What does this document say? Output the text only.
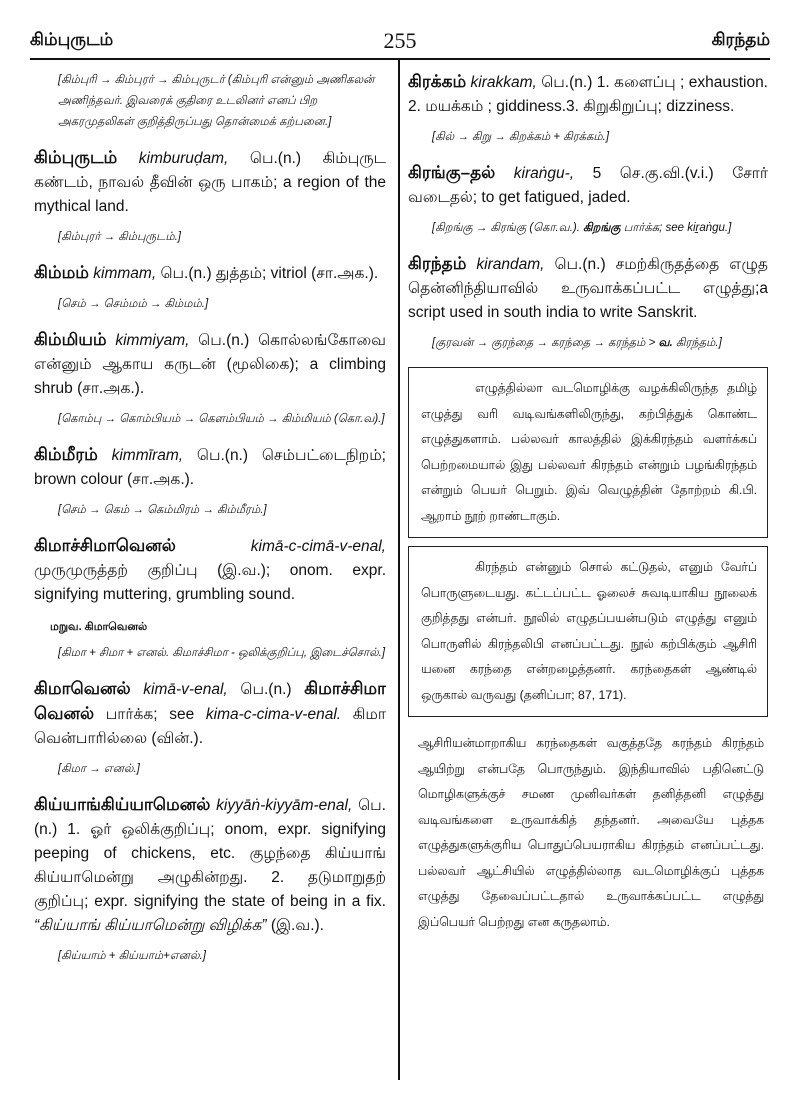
கிம்புருடம்	255	கிரந்தம்
[கிம்புரி → கிம்புரர் → கிம்புருடர் (கிம்புரி என்னும் அணிகலன் அணிந்தவர். இவரைக் குதிரை உடலினர் எனப் பிற அகரமுதலிகள் குறித்திருப்பது தொன்மைக் கற்பனை.]
கிம்புருடம் kimburuḍam, பெ.(n.) கிம்புருட கண்டம், நாவல் தீவின் ஒரு பாகம்; a region of the mythical land.
[கிம்புரர் → கிம்புருடம்.]
கிம்மம் kimmam, பெ.(n.) துத்தம்; vitriol (சா.அக.).
[செம் → செம்மம் → கிம்மம்.]
கிம்மியம் kimmiyam, பெ.(n.) கொல்லங்கோவை என்னும் ஆகாய கருடன் (மூலிகை); a climbing shrub (சா.அக.).
[கொம்பு → கொம்பியம் → கௌம்பியம் → கிம்மியம் (கொ.வ).]
கிம்மீரம் kimmīram, பெ.(n.) செம்பட்டைநிறம்; brown colour (சா.அக.).
[செம் → கெம் → கெம்மிரம் → கிம்மீரம்.]
கிமாச்சிமாவெனல்	kimā-c-cimā-v-enal, முருமுருத்தற் குறிப்பு (இ.வ.); onom. expr. signifying muttering, grumbling sound.
மறுவ. கிமாவெனல்
[கிமா + சிமா + எனல். கிமாச்சிமா - ஒலிக்குறிப்பு, இடைச்சொல்.]
கிமாவெனல் kimā-v-enal, பெ.(n.) கிமாச்சிமா வெனல் பார்க்க; see kima-c-cima-v-enal. கிமா வென்பாரில்லை (வின்.).
[கிமா → எனல்.]
கிய்யாங்கிய்யாமெனல் kiyyāṅ-kiyyām-enal, பெ.(n.) 1. ஓர் ஒலிக்குறிப்பு; onom, expr. signifying peeping of chickens, etc. குழந்தை கிய்யாங் கிய்யாமென்று அழுகின்றது. 2. தடுமாறுதற் குறிப்பு; expr. signifying the state of being in a fix. “கிய்யாங் கிய்யாமென்று விழிக்க” (இ.வ.).
[கிய்யாம் + கிய்யாம்+எனல்.]
கிரக்கம் kirakkam, பெ.(n.) 1. களைப்பு ; exhaustion. 2. மயக்கம் ; giddiness.3. கிறுகிறுப்பு; dizziness.
[கில் → கிறு → கிறக்கம் + கிரக்கம்.]
கிரங்கு–தல் kiraṅgu-, 5 செ.கு.வி.(v.i.) சோர் வடைதல்; to get fatigued, jaded.
[கிறங்கு → கிரங்கு (கொ.வ.). கிறங்கு பார்க்க; see kiṟaṅgu.]
கிரந்தம் kirandam, பெ.(n.) சமற்கிருதத்தை எழுத தென்னிந்தியாவில் உருவாக்கப்பட்ட எழுத்து;a script used in south india to write Sanskrit.
[குரவன் → குரந்தை → கரந்தை → கரந்தம் > வ. கிரந்தம்.]

எழுத்தில்லா வடமொழிக்கு வழக்கிலிருந்த தமிழ் எழுத்து வரி வடிவங்களிலிருந்து, கற்பித்துக் கொண்ட எழுத்துகளாம். பல்லவர் காலத்தில் இக்கிரந்தம் வளர்க்கப் பெற்றமையால் இது பல்லவர் கிரந்தம் என்றும் பழங்கிரந்தம் என்றும் பெயர் பெறும். இவ் வெழுத்தின் தோற்றம் கி.பி. ஆறாம் நூற் றாண்டாகும்.

கிரந்தம் என்னும் சொல் கட்டுதல், எனும் வேர்ப் பொருளுடையது. கட்டப்பட்ட ஓலைச் சுவடியாகிய நூலைக் குறித்தது என்பர். நூலில் எழுதப்பயன்படும் எழுத்து எனும் பொருளில் கிரந்தலிபி எனப்பட்டது. நூல் கற்பிக்கும் ஆசிரி யனை கரந்தை என்றழைத்தனர். கரந்தைகள் ஆண்டில் ஒருகால் வருவது (தனிப்பா; 87, 171).

ஆசிரியன்மாறாகிய கரந்தைகள் வகுத்ததே கரந்தம் கிரந்தம் ஆயிற்று என்பதே பொருந்தும். இந்தியாவில் பதினெட்டு மொழிகளுக்குச் சமண முனிவர்கள் தனித்தனி எழுத்து வடிவங்களை உருவாக்கித் தந்தனர். அவையே புத்தக எழுத்துகளுக்குரிய பொதுப்பெயராகிய கிரந்தம் எனப்பட்டது. பல்லவர் ஆட்சியில் எழுத்தில்லாத வடமொழிக்குப் புத்தக எழுத்து தேவைப்பட்டதால் உருவாக்கப்பட்ட எழுத்து இப்பெயர் பெற்றது என கருதலாம்.
